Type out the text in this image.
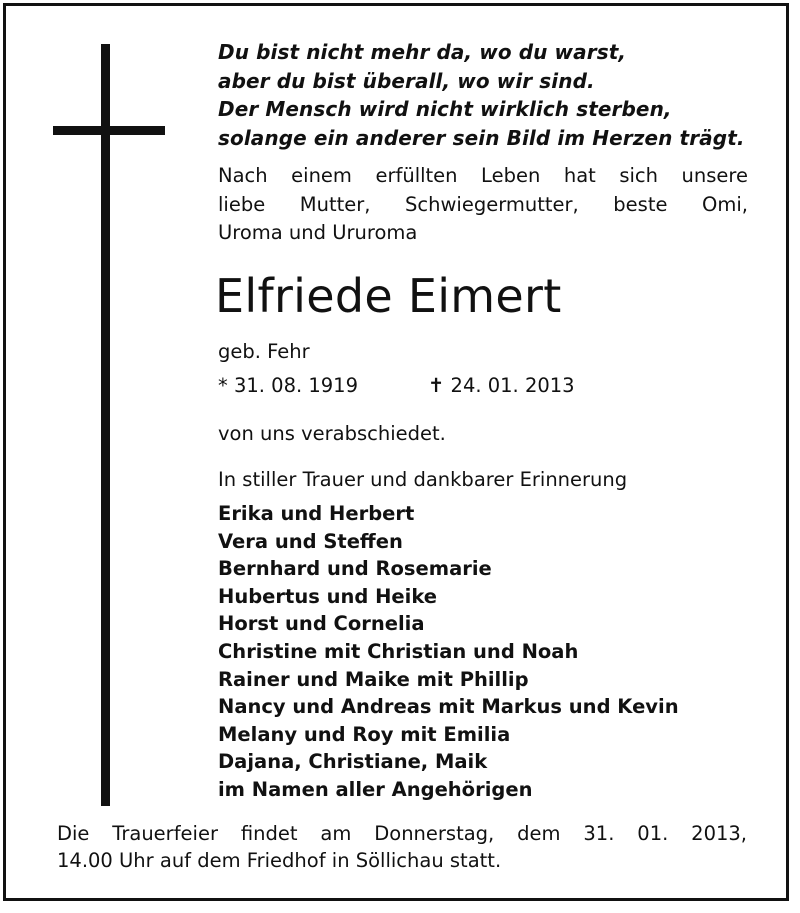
Du bist nicht mehr da, wo du warst,
aber du bist überall, wo wir sind.
Der Mensch wird nicht wirklich sterben,
solange ein anderer sein Bild im Herzen trägt.
Nach einem erfüllten Leben hat sich unsere
liebe Mutter, Schwiegermutter, beste Omi,
Uroma und Ururoma
Elfriede Eimert
geb. Fehr
* 31. 08. 1919	✝ 24. 01. 2013
von uns verabschiedet.
In stiller Trauer und dankbarer Erinnerung
Erika und Herbert
Vera und Steffen
Bernhard und Rosemarie
Hubertus und Heike
Horst und Cornelia
Christine mit Christian und Noah
Rainer und Maike mit Phillip
Nancy und Andreas mit Markus und Kevin
Melany und Roy mit Emilia
Dajana, Christiane, Maik
im Namen aller Angehörigen
Die Trauerfeier findet am Donnerstag, dem 31. 01. 2013,
14.00 Uhr auf dem Friedhof in Söllichau statt.
